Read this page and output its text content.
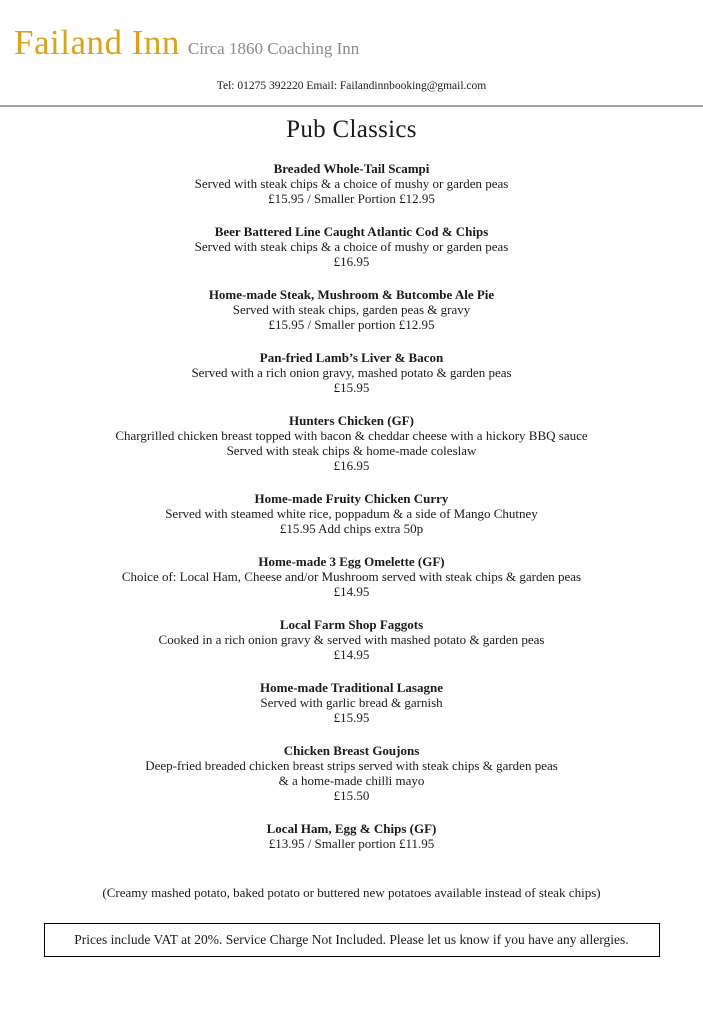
Failand Inn Circa 1860 Coaching Inn
Tel: 01275 392220 Email: Failandinnbooking@gmail.com
Pub Classics
Breaded Whole-Tail Scampi
Served with steak chips & a choice of mushy or garden peas
£15.95 / Smaller Portion £12.95
Beer Battered Line Caught Atlantic Cod & Chips
Served with steak chips & a choice of mushy or garden peas
£16.95
Home-made Steak, Mushroom & Butcombe Ale Pie
Served with steak chips, garden peas & gravy
£15.95 / Smaller portion £12.95
Pan-fried Lamb’s Liver & Bacon
Served with a rich onion gravy, mashed potato & garden peas
£15.95
Hunters Chicken (GF)
Chargrilled chicken breast topped with bacon & cheddar cheese with a hickory BBQ sauce
Served with steak chips & home-made coleslaw
£16.95
Home-made Fruity Chicken Curry
Served with steamed white rice, poppadum & a side of Mango Chutney
£15.95 Add chips extra 50p
Home-made 3 Egg Omelette (GF)
Choice of: Local Ham, Cheese and/or Mushroom served with steak chips & garden peas
£14.95
Local Farm Shop Faggots
Cooked in a rich onion gravy & served with mashed potato & garden peas
£14.95
Home-made Traditional Lasagne
Served with garlic bread & garnish
£15.95
Chicken Breast Goujons
Deep-fried breaded chicken breast strips served with steak chips & garden peas
& a home-made chilli mayo
£15.50
Local Ham, Egg & Chips (GF)
£13.95 / Smaller portion £11.95
(Creamy mashed potato, baked potato or buttered new potatoes available instead of steak chips)
Prices include VAT at 20%. Service Charge Not Included. Please let us know if you have any allergies.
